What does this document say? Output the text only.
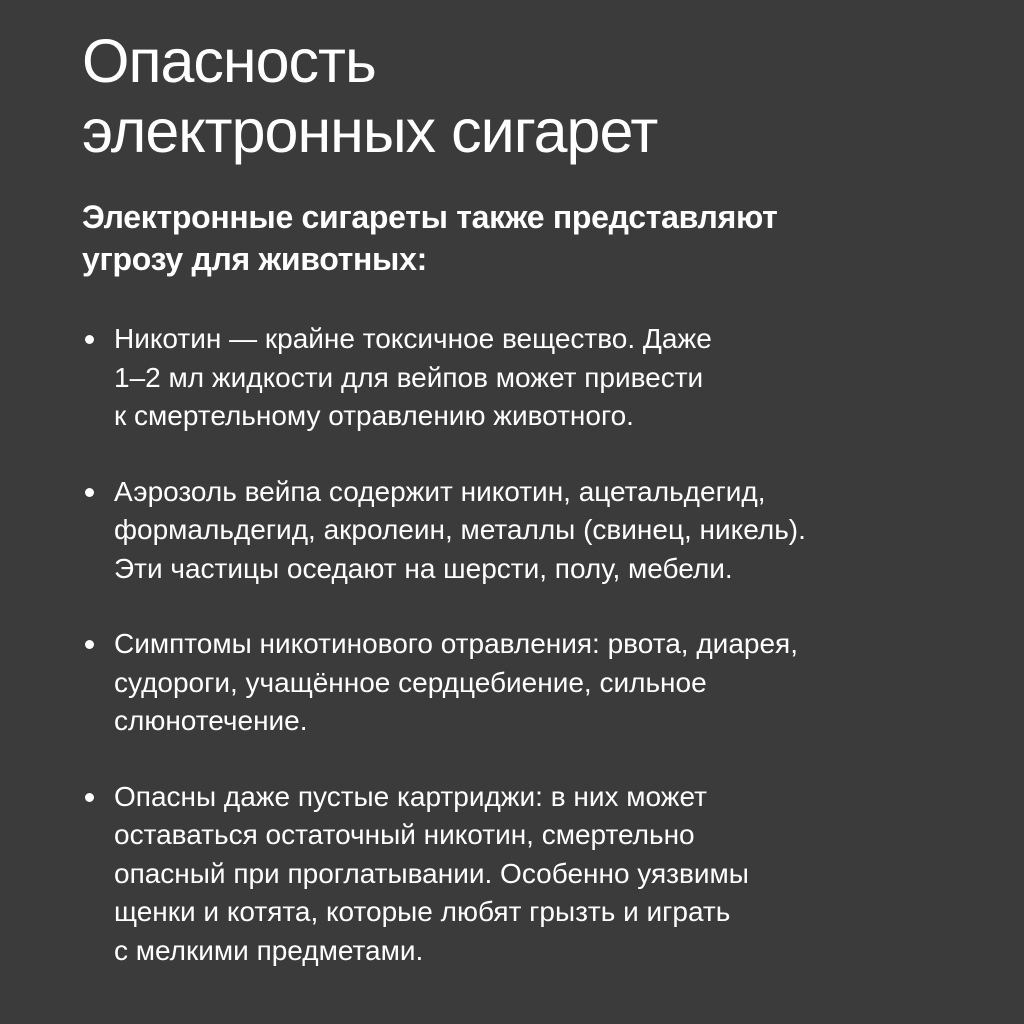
Опасность
электронных сигарет

Электронные сигареты также представляют
угрозу для животных:

Никотин — крайне токсичное вещество. Даже
1–2 мл жидкости для вейпов может привести
к смертельному отравлению животного.
Аэрозоль вейпа содержит никотин, ацетальдегид,
формальдегид, акролеин, металлы (свинец, никель).
Эти частицы оседают на шерсти, полу, мебели.
Симптомы никотинового отравления: рвота, диарея,
судороги, учащённое сердцебиение, сильное
слюнотечение.
Опасны даже пустые картриджи: в них может
оставаться остаточный никотин, смертельно
опасный при проглатывании. Особенно уязвимы
щенки и котята, которые любят грызть и играть
с мелкими предметами.
